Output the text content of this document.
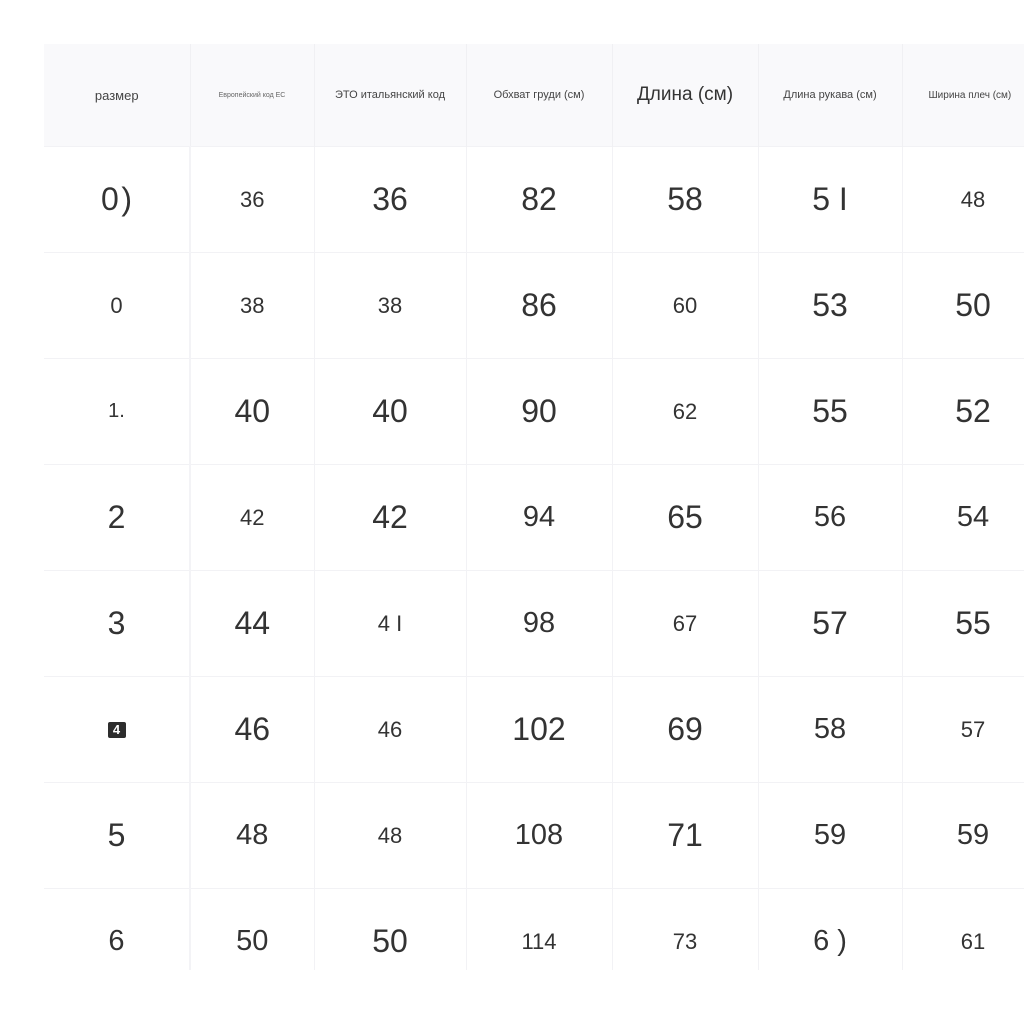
размер	Европейский код ЕС	ЭТО итальянский код	Обхват груди (см)	Длина (см)	Длина рукава (см)	Ширина плеч (см)
0 )	36	36	82	58	5 I	48
0	38	38	86	60	53	50
1.	40	40	90	62	55	52
2	42	42	94	65	56	54
3	44	4 I	98	67	57	55
4	46	46	102	69	58	57
5	48	48	108	71	59	59
6	50	50	114	73	6 )	61
